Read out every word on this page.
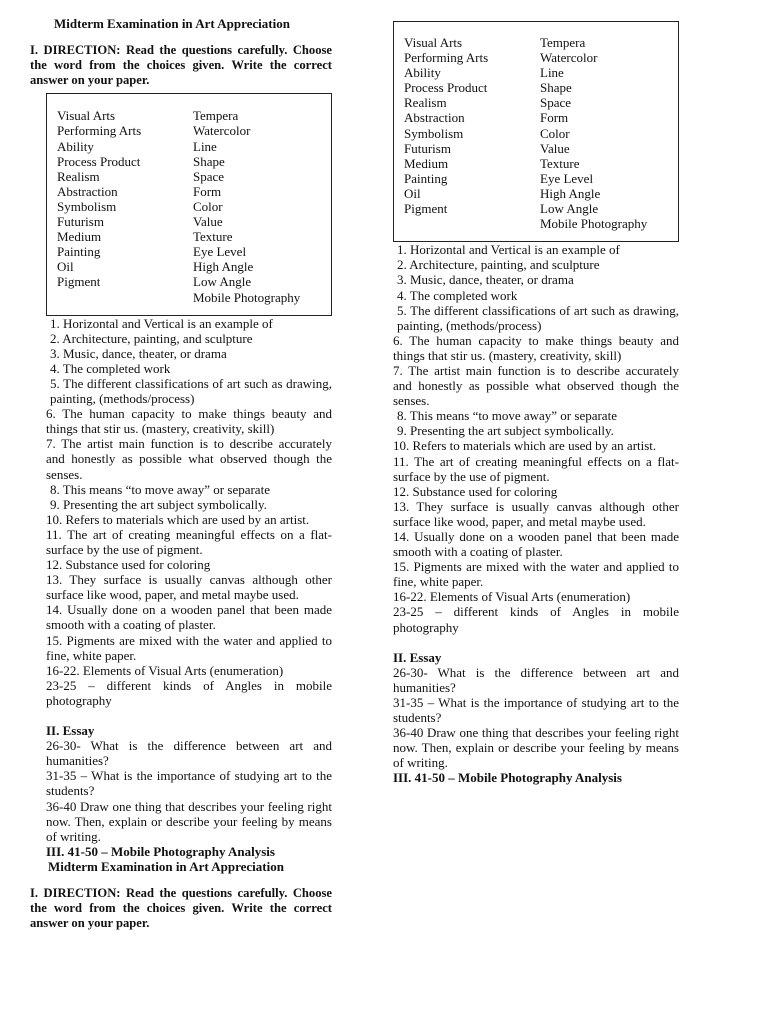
Midterm Examination in Art Appreciation
I. DIRECTION: Read the questions carefully. Choose the word from the choices given. Write the correct answer on your paper.
Visual Arts
Performing Arts
Ability
Process Product
Realism
Abstraction
Symbolism
Futurism
Medium
Painting
Oil
Pigment
Tempera
Watercolor
Line
Shape
Space
Form
Color
Value
Texture
Eye Level
High Angle
Low Angle
Mobile Photography
1. Horizontal and Vertical is an example of
2. Architecture, painting, and sculpture
3. Music, dance, theater, or drama
4. The completed work
5. The different classifications of art such as drawing, painting, (methods/process)
6. The human capacity to make things beauty and things that stir us. (mastery, creativity, skill)
7. The artist main function is to describe accurately and honestly as possible what observed though the senses.
8. This means “to move away” or separate
9. Presenting the art subject symbolically.
10. Refers to materials which are used by an artist.
11. The art of creating meaningful effects on a flat-surface by the use of pigment.
12. Substance used for coloring
13. They surface is usually canvas although other surface like wood, paper, and metal maybe used.
14. Usually done on a wooden panel that been made smooth with a coating of plaster.
15. Pigments are mixed with the water and applied to fine, white paper.
16-22. Elements of Visual Arts (enumeration)
23-25 – different kinds of Angles in mobile photography
II. Essay
26-30- What is the difference between art and humanities?
31-35 – What is the importance of studying art to the students?
36-40 Draw one thing that describes your feeling right now. Then, explain or describe your feeling by means of writing.
III. 41-50 – Mobile Photography Analysis
Midterm Examination in Art Appreciation
I. DIRECTION: Read the questions carefully. Choose the word from the choices given. Write the correct answer on your paper.
Visual Arts
Performing Arts
Ability
Process Product
Realism
Abstraction
Symbolism
Futurism
Medium
Painting
Oil
Pigment
Tempera
Watercolor
Line
Shape
Space
Form
Color
Value
Texture
Eye Level
High Angle
Low Angle
Mobile Photography
1. Horizontal and Vertical is an example of
2. Architecture, painting, and sculpture
3. Music, dance, theater, or drama
4. The completed work
5. The different classifications of art such as drawing, painting, (methods/process)
6. The human capacity to make things beauty and things that stir us. (mastery, creativity, skill)
7. The artist main function is to describe accurately and honestly as possible what observed though the senses.
8. This means “to move away” or separate
9. Presenting the art subject symbolically.
10. Refers to materials which are used by an artist.
11. The art of creating meaningful effects on a flat-surface by the use of pigment.
12. Substance used for coloring
13. They surface is usually canvas although other surface like wood, paper, and metal maybe used.
14. Usually done on a wooden panel that been made smooth with a coating of plaster.
15. Pigments are mixed with the water and applied to fine, white paper.
16-22. Elements of Visual Arts (enumeration)
23-25 – different kinds of Angles in mobile photography
II. Essay
26-30- What is the difference between art and humanities?
31-35 – What is the importance of studying art to the students?
36-40 Draw one thing that describes your feeling right now. Then, explain or describe your feeling by means of writing.
III. 41-50 – Mobile Photography Analysis
